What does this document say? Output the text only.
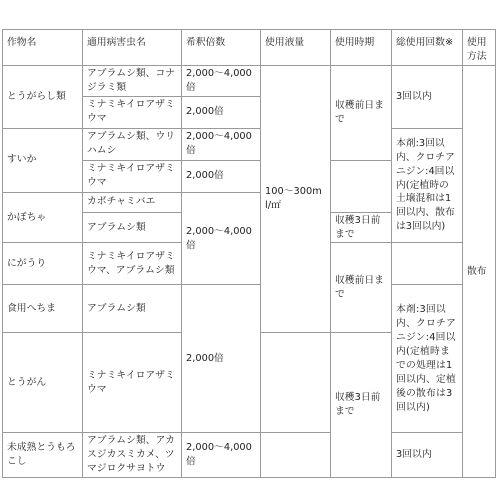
作物名	適用病害虫名	希釈倍数	使用液量	使用時期	総使用回数※	使用方法
とうがらし類	アブラムシ類、コナジラミ類	2,000～4,000倍	100～300ml/㎡	収穫前日まで	3回以内	散布
	ミナミキイロアザミウマ	2,000倍				
すいか	アブラムシ類、ウリハムシ	2,000～4,000倍			本剤:3回以内、クロチアニジン:4回以内(定植時の土壌混和は1回以内、散布は3回以内)	
	ミナミキイロアザミウマ	2,000倍				
かぼちゃ	カボチャミバエ	2,000～4,000倍				
	アブラムシ類			収穫3日前まで		
にがうり	ミナミキイロアザミウマ、アブラムシ類			収穫前日まで		
食用へちま	アブラムシ類	2,000倍			本剤:3回以内、クロチアニジン:4回以内(定植時までの処理は1回以内、定植後の散布は3回以内)	
とうがん	ミナミキイロアザミウマ			収穫3日前まで		
未成熟とうもろこし	アブラムシ類、アカスジカスミカメ、ツマジロクサヨトウ	2,000～4,000倍			3回以内	
